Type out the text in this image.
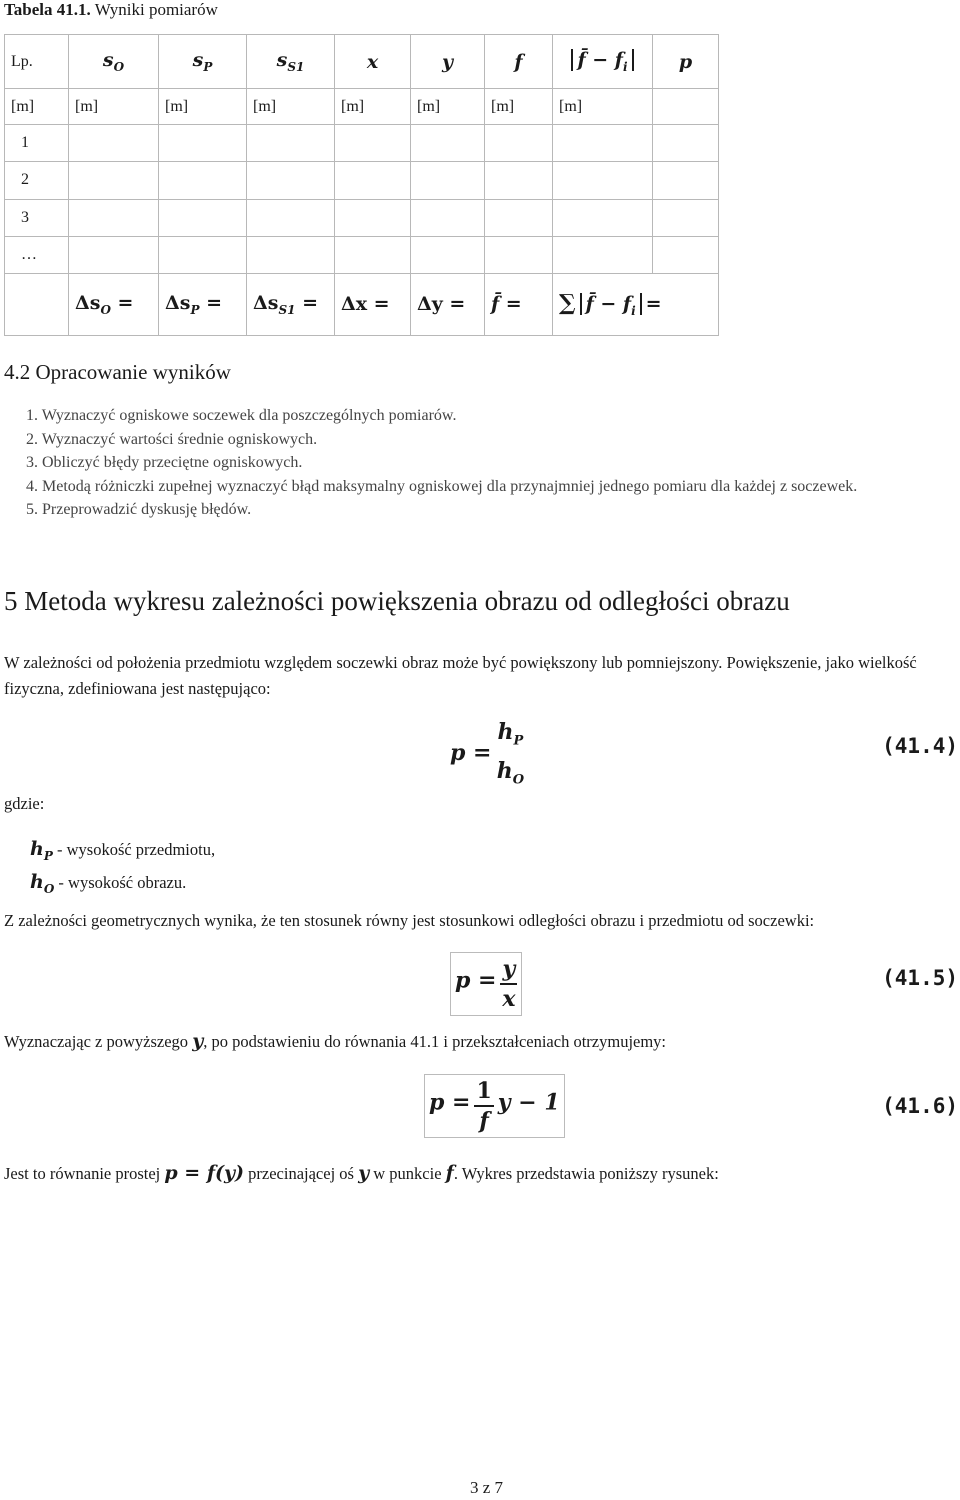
Tabela 41.1. Wyniki pomiarów
Lp.	$s_O$	$s_P$	$s_{S1}$	x	y	f	f̄ − $f_i$	p
[m]	[m]	[m]	[m]	[m]	[m]	[m]	[m]	
1								
2								
3								
…								
	$\Delta s_O$ =	$\Delta s_P$ =	$\Delta s_{S1}$ =	Δx =	Δy =	f̄ =	∑ f̄ − $f_i$ =	
4.2 Opracowanie wyników
1. Wyznaczyć ogniskowe soczewek dla poszczególnych pomiarów.
2. Wyznaczyć wartości średnie ogniskowych.
3. Obliczyć błędy przeciętne ogniskowych.
4. Metodą różniczki zupełnej wyznaczyć błąd maksymalny ogniskowej dla przynajmniej jednego pomiaru dla każdej z soczewek.
5. Przeprowadzić dyskusję błędów.
5 Metoda wykresu zależności powiększenia obrazu od odległości obrazu
W zależności od położenia przedmiotu względem soczewki obraz może być powiększony lub pomniejszony. Powiększenie, jako wielkość fizyczna, zdefiniowana jest następująco:
$p = \frac{h_P}{h_O}$	(41.4)
gdzie:
$h_P$ - wysokość przedmiotu,
$h_O$ - wysokość obrazu.
Z zależności geometrycznych wynika, że ten stosunek równy jest stosunkowi odległości obrazu i przedmiotu od soczewki:
$p = \frac{y}{x}$	(41.5)
Wyznaczając z powyższego y, po podstawieniu do równania 41.1 i przekształceniach otrzymujemy:
$p = \frac{1}{f}$ y − 1	(41.6)
Jest to równanie prostej p = f(y) przecinającej oś y w punkcie f. Wykres przedstawia poniższy rysunek:
3 z 7
